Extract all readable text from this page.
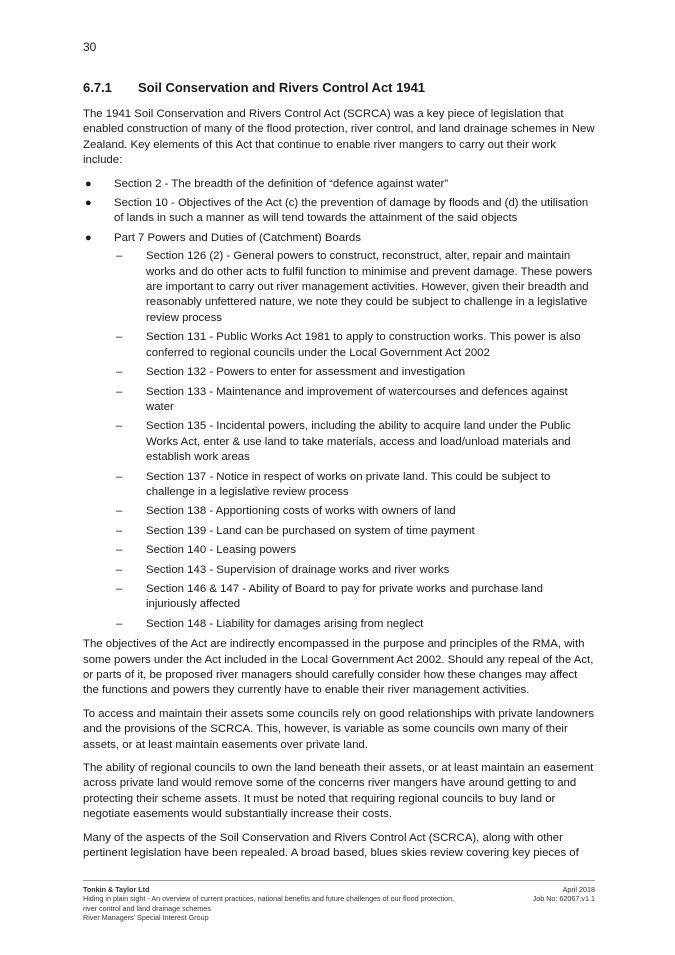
30
6.7.1 Soil Conservation and Rivers Control Act 1941

The 1941 Soil Conservation and Rivers Control Act (SCRCA) was a key piece of legislation that enabled construction of many of the flood protection, river control, and land drainage schemes in New Zealand. Key elements of this Act that continue to enable river mangers to carry out their work include:

● Section 2 - The breadth of the definition of “defence against water”
● Section 10 - Objectives of the Act (c) the prevention of damage by floods and (d) the utilisation of lands in such a manner as will tend towards the attainment of the said objects
● Part 7 Powers and Duties of (Catchment) Boards
– Section 126 (2) - General powers to construct, reconstruct, alter, repair and maintain works and do other acts to fulfil function to minimise and prevent damage. These powers are important to carry out river management activities. However, given their breadth and reasonably unfettered nature, we note they could be subject to challenge in a legislative review process
– Section 131 - Public Works Act 1981 to apply to construction works. This power is also conferred to regional councils under the Local Government Act 2002
– Section 132 - Powers to enter for assessment and investigation
– Section 133 - Maintenance and improvement of watercourses and defences against water
– Section 135 - Incidental powers, including the ability to acquire land under the Public Works Act, enter & use land to take materials, access and load/unload materials and establish work areas
– Section 137 - Notice in respect of works on private land. This could be subject to challenge in a legislative review process
– Section 138 - Apportioning costs of works with owners of land
– Section 139 - Land can be purchased on system of time payment
– Section 140 - Leasing powers
– Section 143 - Supervision of drainage works and river works
– Section 146 & 147 - Ability of Board to pay for private works and purchase land injuriously affected
– Section 148 - Liability for damages arising from neglect

The objectives of the Act are indirectly encompassed in the purpose and principles of the RMA, with some powers under the Act included in the Local Government Act 2002. Should any repeal of the Act, or parts of it, be proposed river managers should carefully consider how these changes may affect the functions and powers they currently have to enable their river management activities.

To access and maintain their assets some councils rely on good relationships with private landowners and the provisions of the SCRCA. This, however, is variable as some councils own many of their assets, or at least maintain easements over private land.

The ability of regional councils to own the land beneath their assets, or at least maintain an easement across private land would remove some of the concerns river mangers have around getting to and protecting their scheme assets. It must be noted that requiring regional councils to buy land or negotiate easements would substantially increase their costs.

Many of the aspects of the Soil Conservation and Rivers Control Act (SCRCA), along with other pertinent legislation have been repealed. A broad based, blues skies review covering key pieces of

Tonkin & Taylor Ltd
Hiding in plain sight - An overview of current practices, national benefits and future challenges of our flood protection, river control and land drainage schemes
River Managers’ Special Interest Group
April 2018
Job No: 62067.v1.1
